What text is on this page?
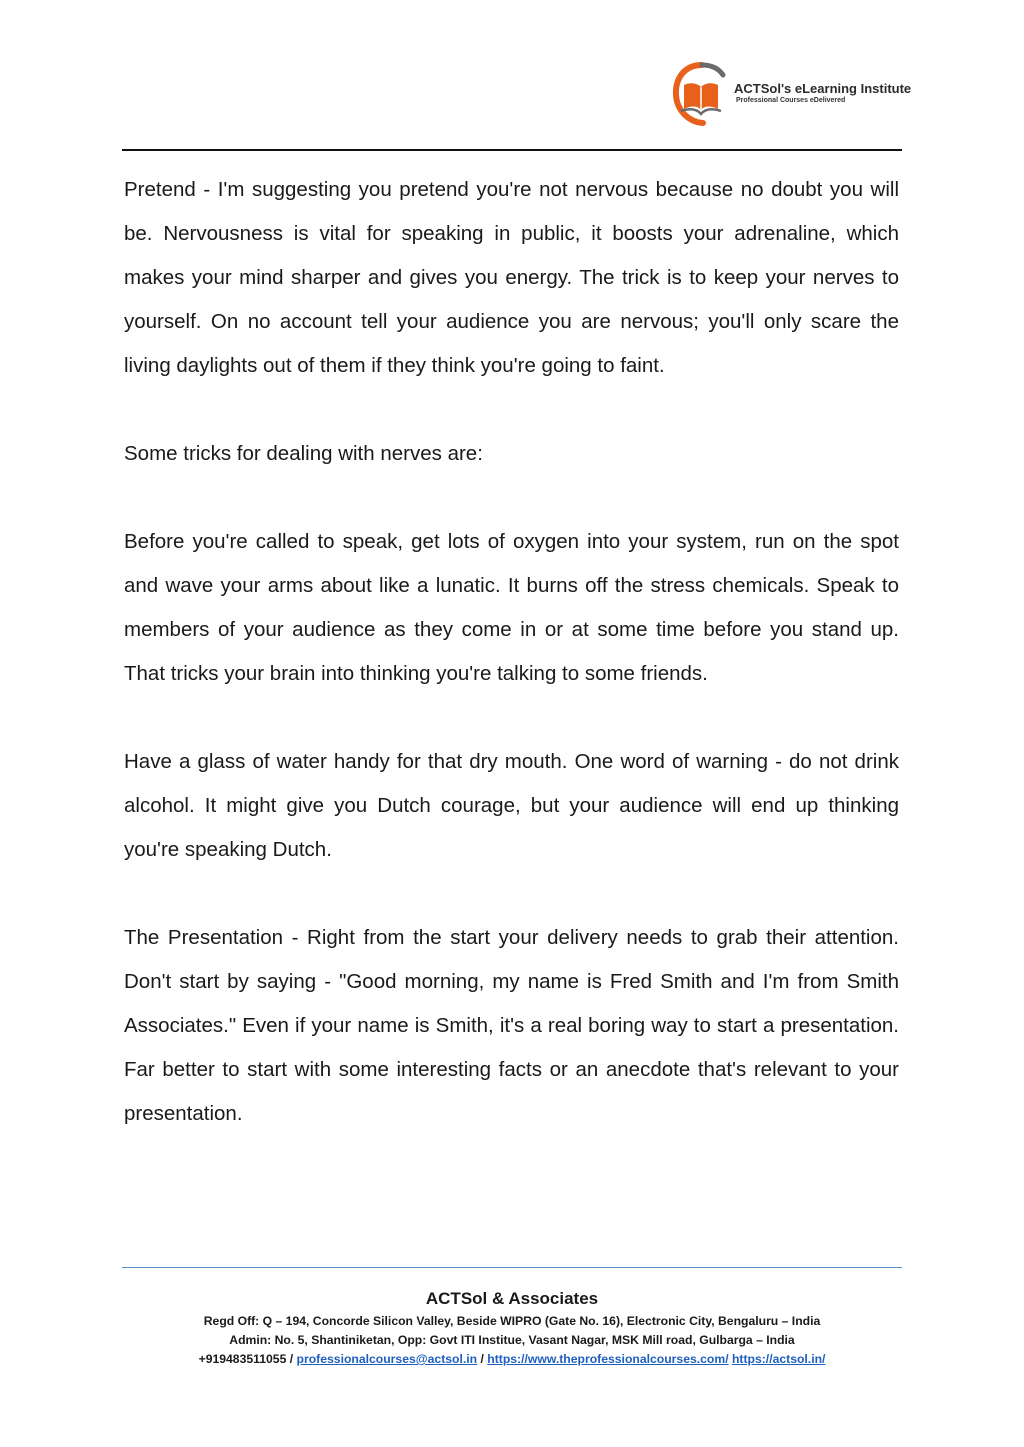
ACTSol's eLearning Institute
Professional Courses eDelivered

Pretend - I'm suggesting you pretend you're not nervous because no doubt you will be. Nervousness is vital for speaking in public, it boosts your adrenaline, which makes your mind sharper and gives you energy. The trick is to keep your nerves to yourself. On no account tell your audience you are nervous; you'll only scare the living daylights out of them if they think you're going to faint.

Some tricks for dealing with nerves are:

Before you're called to speak, get lots of oxygen into your system, run on the spot and wave your arms about like a lunatic. It burns off the stress chemicals. Speak to members of your audience as they come in or at some time before you stand up. That tricks your brain into thinking you're talking to some friends.

Have a glass of water handy for that dry mouth. One word of warning - do not drink alcohol. It might give you Dutch courage, but your audience will end up thinking you're speaking Dutch.

The Presentation - Right from the start your delivery needs to grab their attention. Don't start by saying - "Good morning, my name is Fred Smith and I'm from Smith Associates." Even if your name is Smith, it's a real boring way to start a presentation. Far better to start with some interesting facts or an anecdote that's relevant to your presentation.

ACTSol & Associates
Regd Off: Q – 194, Concorde Silicon Valley, Beside WIPRO (Gate No. 16), Electronic City, Bengaluru – India
Admin: No. 5, Shantiniketan, Opp: Govt ITI Institue, Vasant Nagar, MSK Mill road, Gulbarga – India
+919483511055 / professionalcourses@actsol.in / https://www.theprofessionalcourses.com/ https://actsol.in/
